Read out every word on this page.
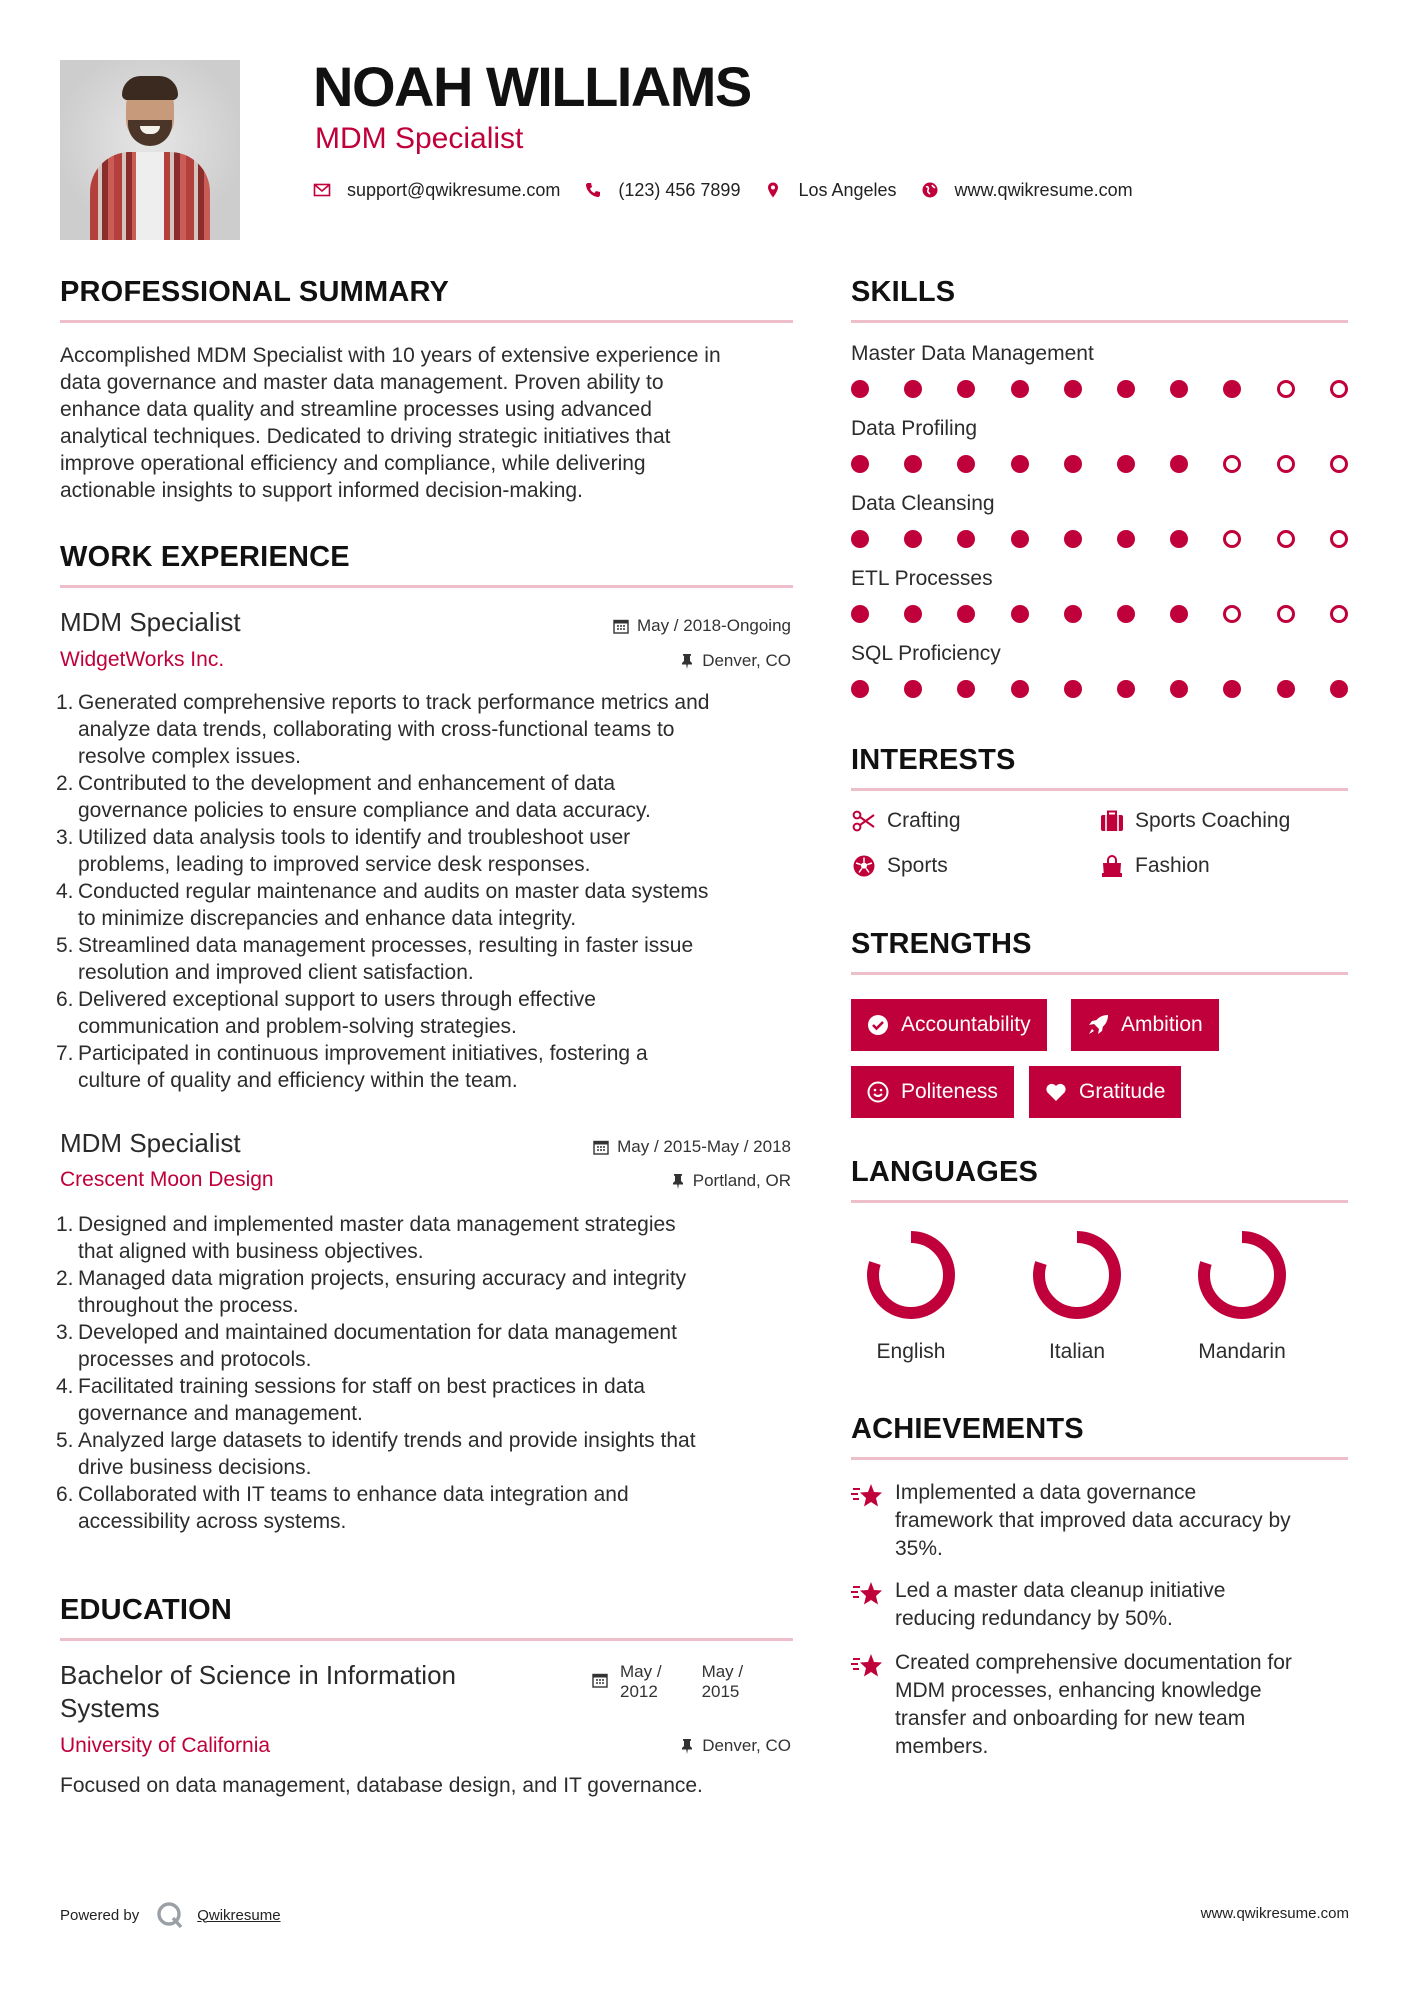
NOAH WILLIAMS
MDM Specialist
support@qwikresume.com	(123) 456 7899	Los Angeles	www.qwikresume.com
PROFESSIONAL SUMMARY
Accomplished MDM Specialist with 10 years of extensive experience in
data governance and master data management. Proven ability to
enhance data quality and streamline processes using advanced
analytical techniques. Dedicated to driving strategic initiatives that
improve operational efficiency and compliance, while delivering
actionable insights to support informed decision-making.
WORK EXPERIENCE
MDM Specialist
WidgetWorks Inc.
May / 2018-Ongoing
Denver, CO
1. Generated comprehensive reports to track performance metrics and
analyze data trends, collaborating with cross-functional teams to
resolve complex issues.
2. Contributed to the development and enhancement of data
governance policies to ensure compliance and data accuracy.
3. Utilized data analysis tools to identify and troubleshoot user
problems, leading to improved service desk responses.
4. Conducted regular maintenance and audits on master data systems
to minimize discrepancies and enhance data integrity.
5. Streamlined data management processes, resulting in faster issue
resolution and improved client satisfaction.
6. Delivered exceptional support to users through effective
communication and problem-solving strategies.
7. Participated in continuous improvement initiatives, fostering a
culture of quality and efficiency within the team.
MDM Specialist
Crescent Moon Design
May / 2015-May / 2018
Portland, OR
1. Designed and implemented master data management strategies
that aligned with business objectives.
2. Managed data migration projects, ensuring accuracy and integrity
throughout the process.
3. Developed and maintained documentation for data management
processes and protocols.
4. Facilitated training sessions for staff on best practices in data
governance and management.
5. Analyzed large datasets to identify trends and provide insights that
drive business decisions.
6. Collaborated with IT teams to enhance data integration and
accessibility across systems.
EDUCATION
Bachelor of Science in Information
Systems
University of California
May /
2012
May /
2015
Denver, CO
Focused on data management, database design, and IT governance.
SKILLS
Master Data Management
Data Profiling
Data Cleansing
ETL Processes
SQL Proficiency
INTERESTS
Crafting	Sports Coaching
Sports	Fashion
STRENGTHS
Accountability	Ambition
Politeness	Gratitude
LANGUAGES
English	Italian	Mandarin
ACHIEVEMENTS
Implemented a data governance
framework that improved data accuracy by
35%.
Led a master data cleanup initiative
reducing redundancy by 50%.
Created comprehensive documentation for
MDM processes, enhancing knowledge
transfer and onboarding for new team
members.
Powered by	Qwikresume	www.qwikresume.com
